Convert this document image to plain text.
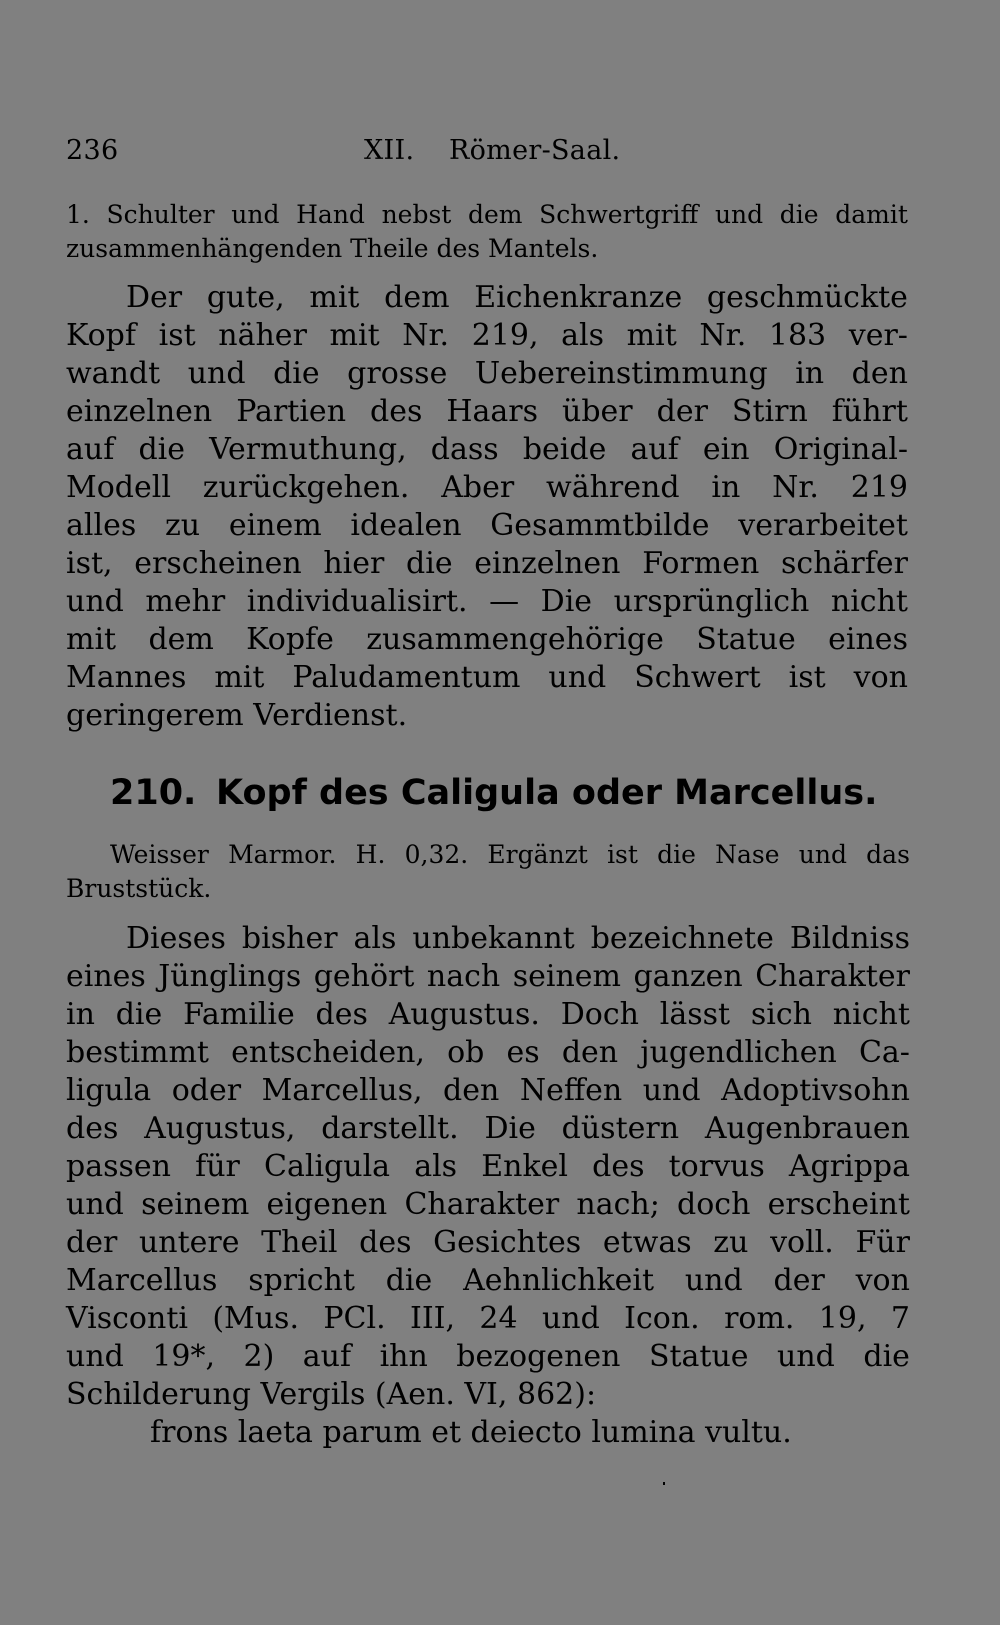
236	XII. Römer-Saal.
1. Schulter und Hand nebst dem Schwertgriff und die damit
zusammenhängenden Theile des Mantels.
Der gute, mit dem Eichenkranze geschmückte
Kopf ist näher mit Nr. 219, als mit Nr. 183 ver-
wandt und die grosse Uebereinstimmung in den
einzelnen Partien des Haars über der Stirn führt
auf die Vermuthung, dass beide auf ein Original-
Modell zurückgehen. Aber während in Nr. 219
alles zu einem idealen Gesammtbilde verarbeitet
ist, erscheinen hier die einzelnen Formen schärfer
und mehr individualisirt. — Die ursprünglich nicht
mit dem Kopfe zusammengehörige Statue eines
Mannes mit Paludamentum und Schwert ist von
geringerem Verdienst.
210. Kopf des Caligula oder Marcellus.
Weisser Marmor. H. 0,32. Ergänzt ist die Nase und das
Bruststück.
Dieses bisher als unbekannt bezeichnete Bildniss
eines Jünglings gehört nach seinem ganzen Charakter
in die Familie des Augustus. Doch lässt sich nicht
bestimmt entscheiden, ob es den jugendlichen Ca-
ligula oder Marcellus, den Neffen und Adoptivsohn
des Augustus, darstellt. Die düstern Augenbrauen
passen für Caligula als Enkel des torvus Agrippa
und seinem eigenen Charakter nach; doch erscheint
der untere Theil des Gesichtes etwas zu voll. Für
Marcellus spricht die Aehnlichkeit und der von
Visconti (Mus. PCl. III, 24 und Icon. rom. 19, 7
und 19*, 2) auf ihn bezogenen Statue und die
Schilderung Vergils (Aen. VI, 862):
frons laeta parum et deiecto lumina vultu.
